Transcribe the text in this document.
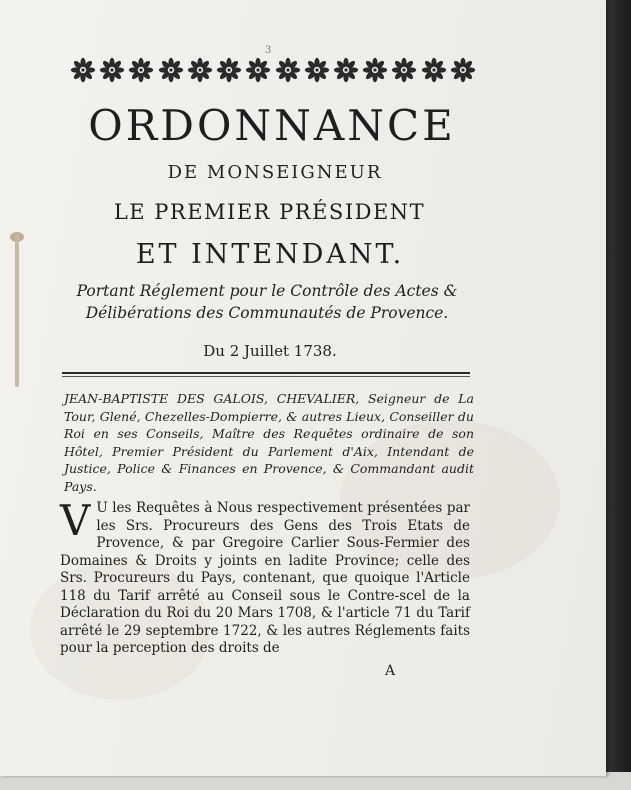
3
ORDONNANCE
DE MONSEIGNEUR
LE PREMIER PRÉSIDENT
ET INTENDANT.
Portant Réglement pour le Contrôle des Actes & Délibérations des Communautés de Provence.
Du 2 Juillet 1738.
JEAN-BAPTISTE DES GALOIS, CHEVALIER, Seigneur de La Tour, Glené, Chezelles-Dompierre, & autres Lieux, Conseiller du Roi en ses Conseils, Maître des Requêtes ordinaire de son Hôtel, Premier Président du Parlement d'Aix, Intendant de Justice, Police & Finances en Provence, & Commandant audit Pays.
V U les Requêtes à Nous respectivement présentées par les Srs. Procureurs des Gens des Trois Etats de Provence, & par Gregoire Carlier Sous-Fermier des Domaines & Droits y joints en ladite Province; celle des Srs. Procureurs du Pays, contenant, que quoique l'Article 118 du Tarif arrêté au Conseil sous le Contre-scel de la Déclaration du Roi du 20 Mars 1708, & l'article 71 du Tarif arrêté le 29 septembre 1722, & les autres Réglements faits pour la perception des droits de
A
